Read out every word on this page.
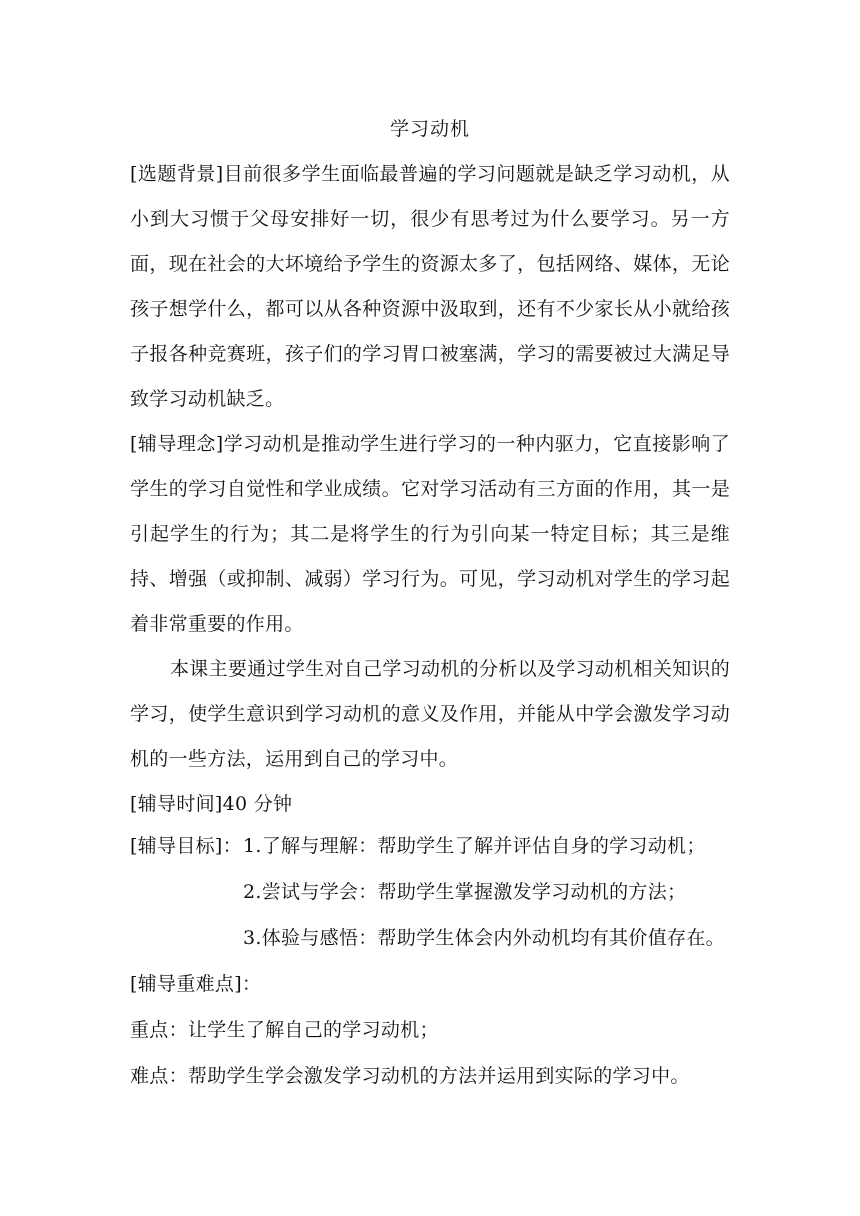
学习动机
[选题背景]目前很多学生面临最普遍的学习问题就是缺乏学习动机，从小到大习惯于父母安排好一切，很少有思考过为什么要学习。另一方面，现在社会的大坏境给予学生的资源太多了，包括网络、媒体，无论孩子想学什么，都可以从各种资源中汲取到，还有不少家长从小就给孩子报各种竞赛班，孩子们的学习胃口被塞满，学习的需要被过大满足导致学习动机缺乏。
[辅导理念]学习动机是推动学生进行学习的一种内驱力，它直接影响了学生的学习自觉性和学业成绩。它对学习活动有三方面的作用，其一是引起学生的行为；其二是将学生的行为引向某一特定目标；其三是维持、增强（或抑制、减弱）学习行为。可见，学习动机对学生的学习起着非常重要的作用。
本课主要通过学生对自己学习动机的分析以及学习动机相关知识的学习，使学生意识到学习动机的意义及作用，并能从中学会激发学习动机的一些方法，运用到自己的学习中。
[辅导时间]40 分钟
[辅导目标]： 1.了解与理解：帮助学生了解并评估自身的学习动机；
2.尝试与学会：帮助学生掌握激发学习动机的方法；
3.体验与感悟：帮助学生体会内外动机均有其价值存在。
[辅导重难点]：
重点：让学生了解自己的学习动机；
难点：帮助学生学会激发学习动机的方法并运用到实际的学习中。
